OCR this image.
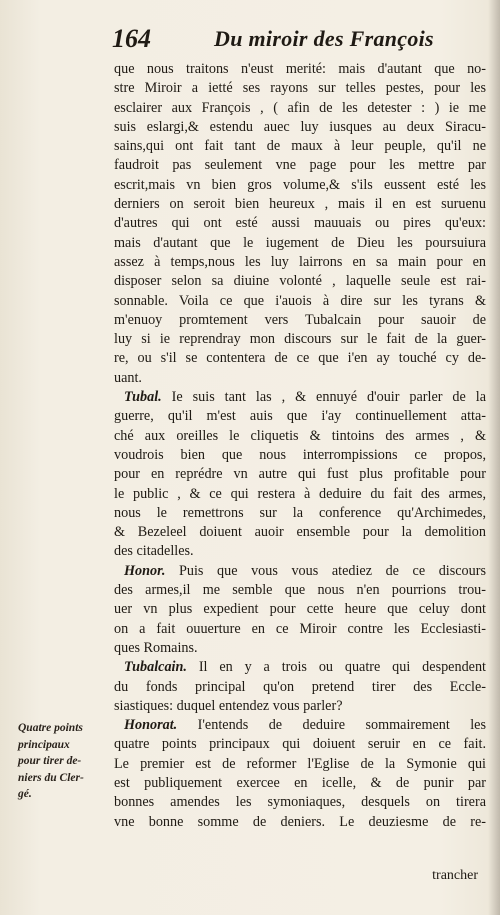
164	Du miroir des François
que nous traitons n'eust merité: mais d'autant que no-
stre Miroir a ietté ses rayons sur telles pestes, pour les
esclairer aux François , ( afin de les detester : ) ie me
suis eslargi,& estendu auec luy iusques au deux Siracu-
sains,qui ont fait tant de maux à leur peuple, qu'il ne
faudroit pas seulement vne page pour les mettre par
escrit,mais vn bien gros volume,& s'ils eussent esté les
derniers on seroit bien heureux , mais il en est suruenu
d'autres qui ont esté aussi mauuais ou pires qu'eux:
mais d'autant que le iugement de Dieu les poursuiura
assez à temps,nous les luy lairrons en sa main pour en
disposer selon sa diuine volonté , laquelle seule est rai-
sonnable. Voila ce que i'auois à dire sur les tyrans &
m'enuoy promtement vers Tubalcain pour sauoir de
luy si ie reprendray mon discours sur le fait de la guer-
re, ou s'il se contentera de ce que i'en ay touché cy de-
uant.
Tubal. Ie suis tant las , & ennuyé d'ouir parler de la
guerre, qu'il m'est auis que i'ay continuellement atta-
ché aux oreilles le cliquetis & tintoins des armes , &
voudrois bien que nous interrompissions ce propos,
pour en reprédre vn autre qui fust plus profitable pour
le public , & ce qui restera à deduire du fait des armes,
nous le remettrons sur la conference qu'Archimedes,
& Bezeleel doiuent auoir ensemble pour la demolition
des citadelles.
Honor. Puis que vous vous atediez de ce discours
des armes,il me semble que nous n'en pourrions trou-
uer vn plus expedient pour cette heure que celuy dont
on a fait ouuerture en ce Miroir contre les Ecclesiasti-
ques Romains.
Tubalcain. Il en y a trois ou quatre qui despendent
du fonds principal qu'on pretend tirer des Eccle-
siastiques: duquel entendez vous parler?
Honorat. I'entends de deduire sommairement les
quatre points principaux qui doiuent seruir en ce fait.
Le premier est de reformer l'Eglise de la Symonie qui
est publiquement exercee en icelle, & de punir par
bonnes amendes les symoniaques, desquels on tirera
vne bonne somme de deniers. Le deuziesme de re-
Quatre points
principaux
pour tirer de-
niers du Cler-
gé.
trancher
